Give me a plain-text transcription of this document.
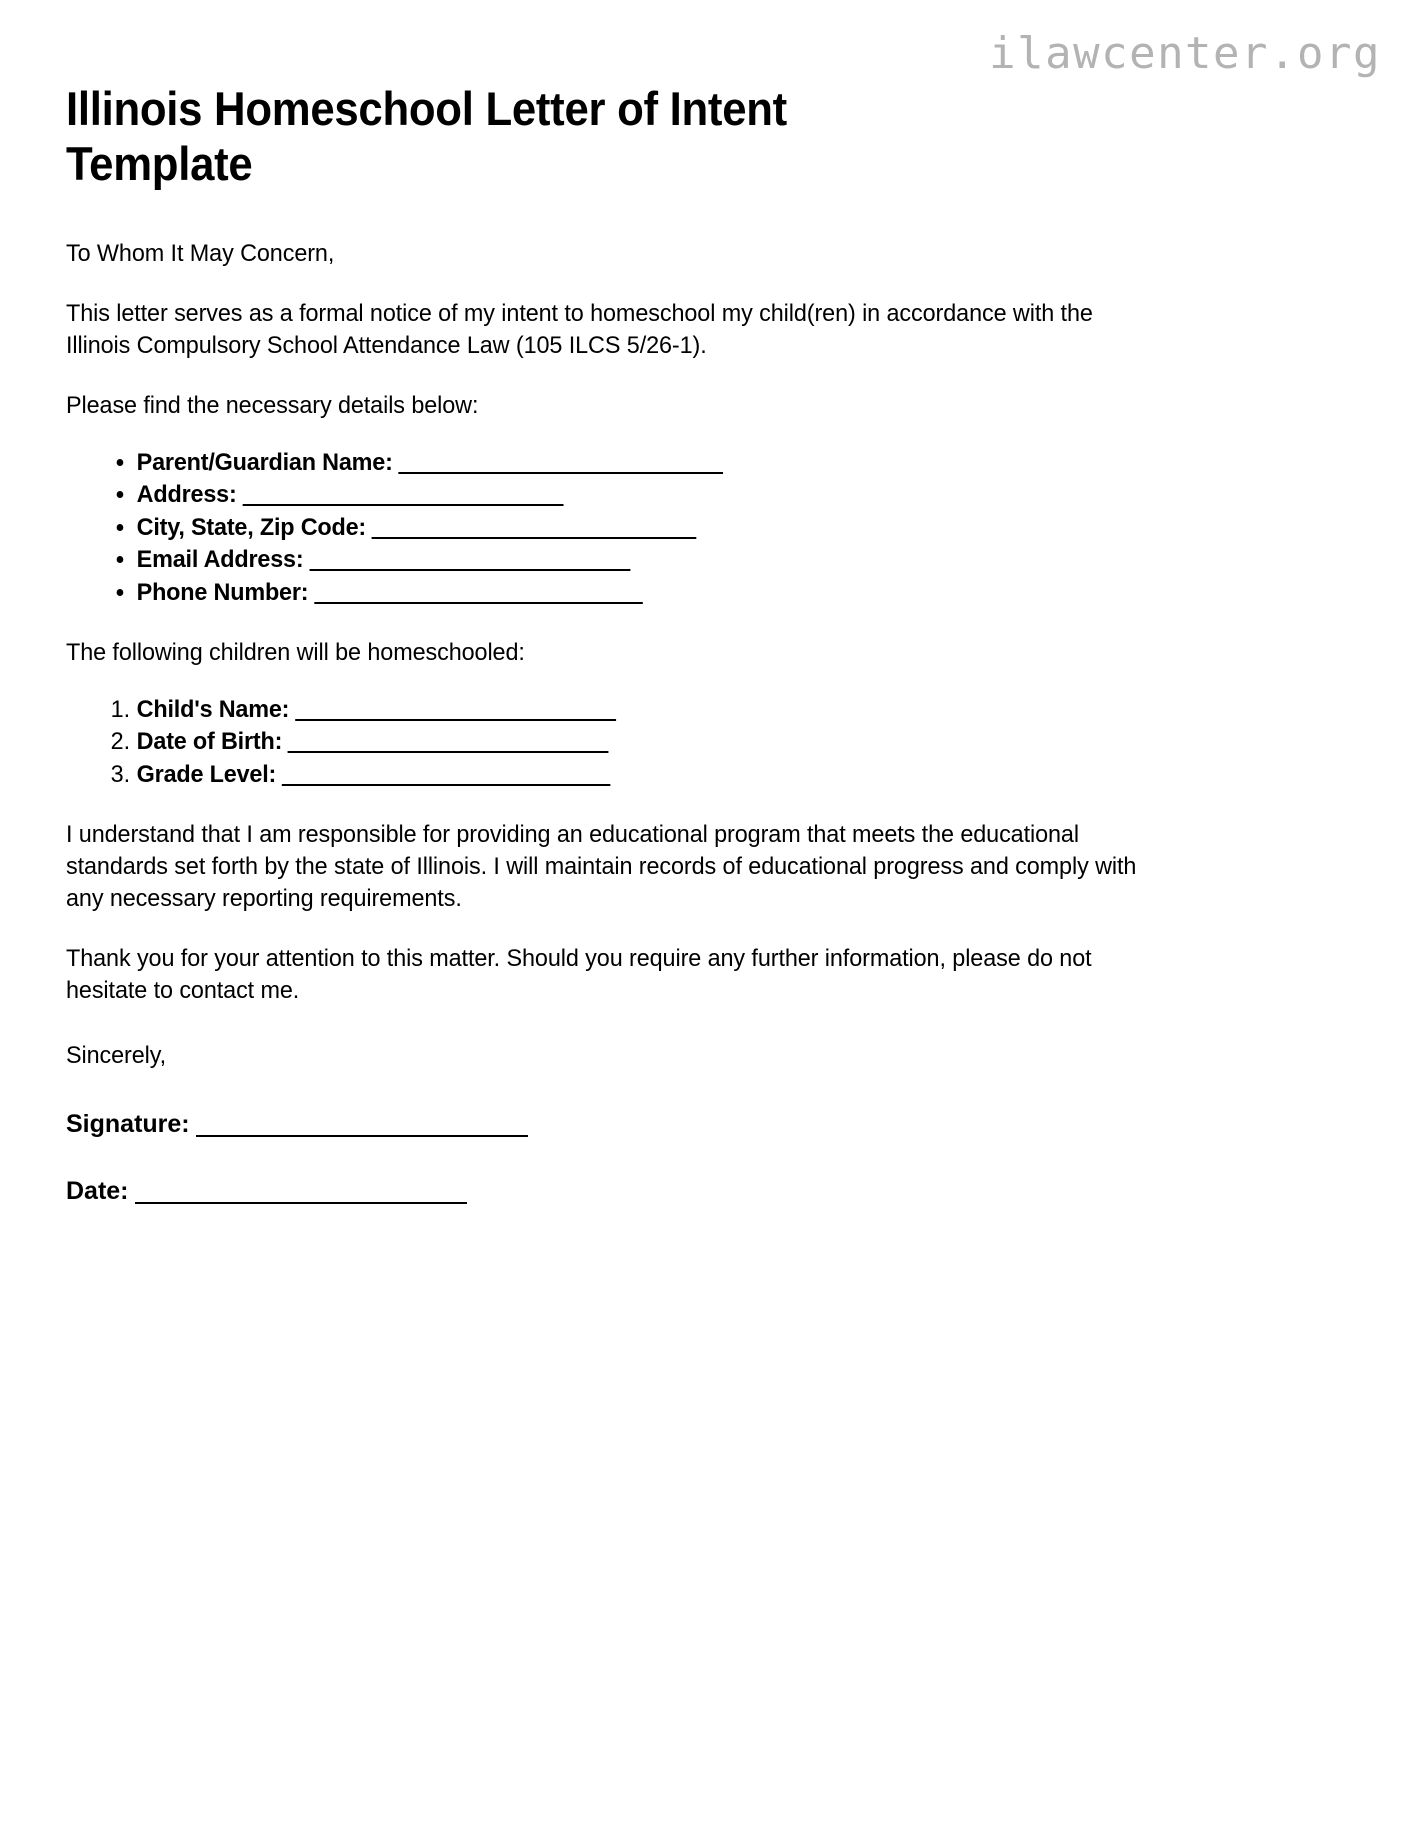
ilawcenter.org
Illinois Homeschool Letter of Intent Template

To Whom It May Concern,

This letter serves as a formal notice of my intent to homeschool my child(ren) in accordance with the Illinois Compulsory School Attendance Law (105 ILCS 5/26-1).

Please find the necessary details below:

• Parent/Guardian Name:
• Address:
• City, State, Zip Code:
• Email Address:
• Phone Number:

The following children will be homeschooled:

1. Child's Name:
2. Date of Birth:
3. Grade Level:

I understand that I am responsible for providing an educational program that meets the educational standards set forth by the state of Illinois. I will maintain records of educational progress and comply with any necessary reporting requirements.

Thank you for your attention to this matter. Should you require any further information, please do not hesitate to contact me.

Sincerely,

Signature:
Date:
